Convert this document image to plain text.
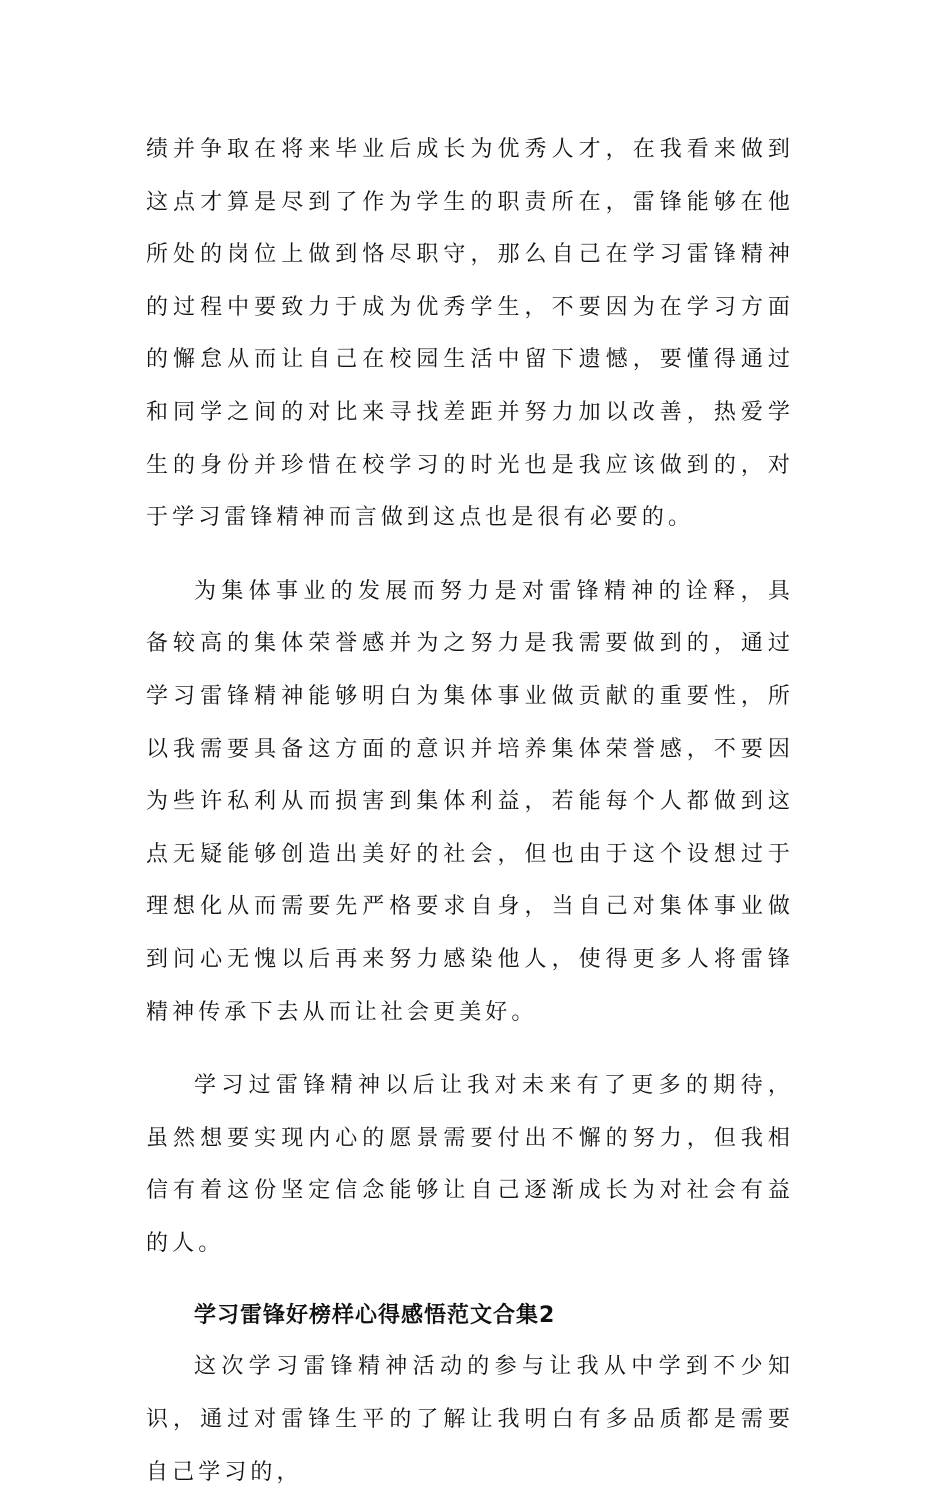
绩并争取在将来毕业后成长为优秀人才，在我看来做到这点才算是尽到了作为学生的职责所在，雷锋能够在他所处的岗位上做到恪尽职守，那么自己在学习雷锋精神的过程中要致力于成为优秀学生，不要因为在学习方面的懈怠从而让自己在校园生活中留下遗憾，要懂得通过和同学之间的对比来寻找差距并努力加以改善，热爱学生的身份并珍惜在校学习的时光也是我应该做到的，对于学习雷锋精神而言做到这点也是很有必要的。

为集体事业的发展而努力是对雷锋精神的诠释，具备较高的集体荣誉感并为之努力是我需要做到的，通过学习雷锋精神能够明白为集体事业做贡献的重要性，所以我需要具备这方面的意识并培养集体荣誉感，不要因为些许私利从而损害到集体利益，若能每个人都做到这点无疑能够创造出美好的社会，但也由于这个设想过于理想化从而需要先严格要求自身，当自己对集体事业做到问心无愧以后再来努力感染他人，使得更多人将雷锋精神传承下去从而让社会更美好。

学习过雷锋精神以后让我对未来有了更多的期待，虽然想要实现内心的愿景需要付出不懈的努力，但我相信有着这份坚定信念能够让自己逐渐成长为对社会有益的人。

学习雷锋好榜样心得感悟范文合集2

这次学习雷锋精神活动的参与让我从中学到不少知识，通过对雷锋生平的了解让我明白有多品质都是需要自己学习的，
